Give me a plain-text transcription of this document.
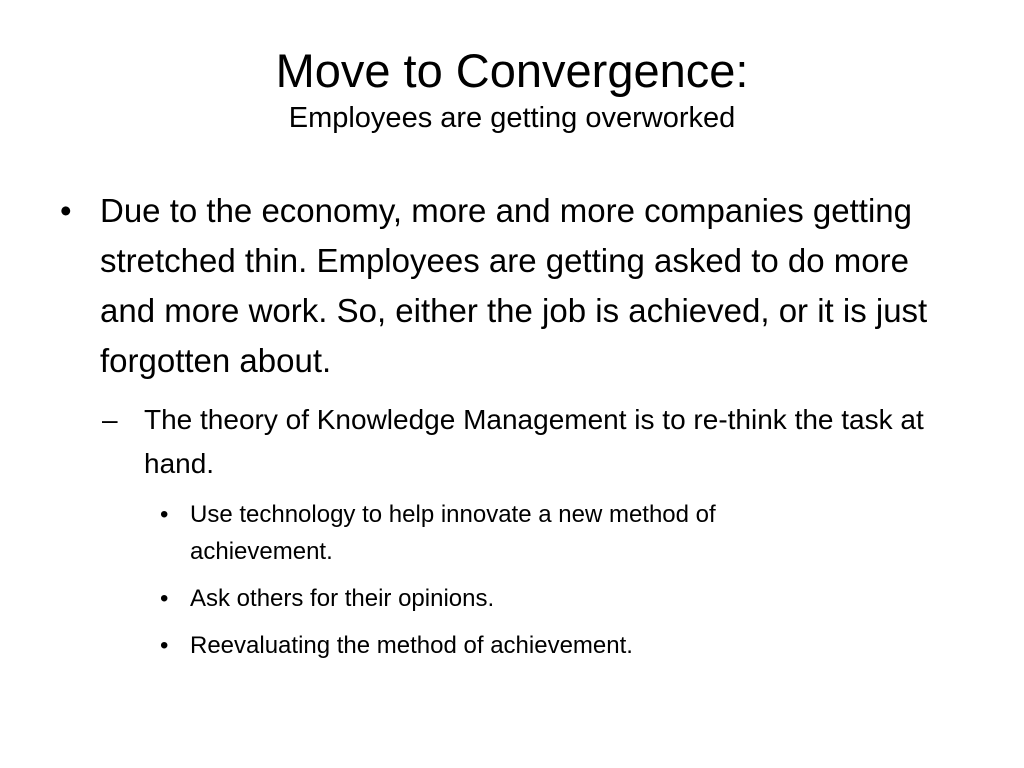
Move to Convergence:
Employees are getting overworked
• Due to the economy, more and more companies getting stretched thin. Employees are getting asked to do more and more work. So, either the job is achieved, or it is just forgotten about.
– The theory of Knowledge Management is to re-think the task at hand.
• Use technology to help innovate a new method of achievement.
• Ask others for their opinions.
• Reevaluating the method of achievement.
